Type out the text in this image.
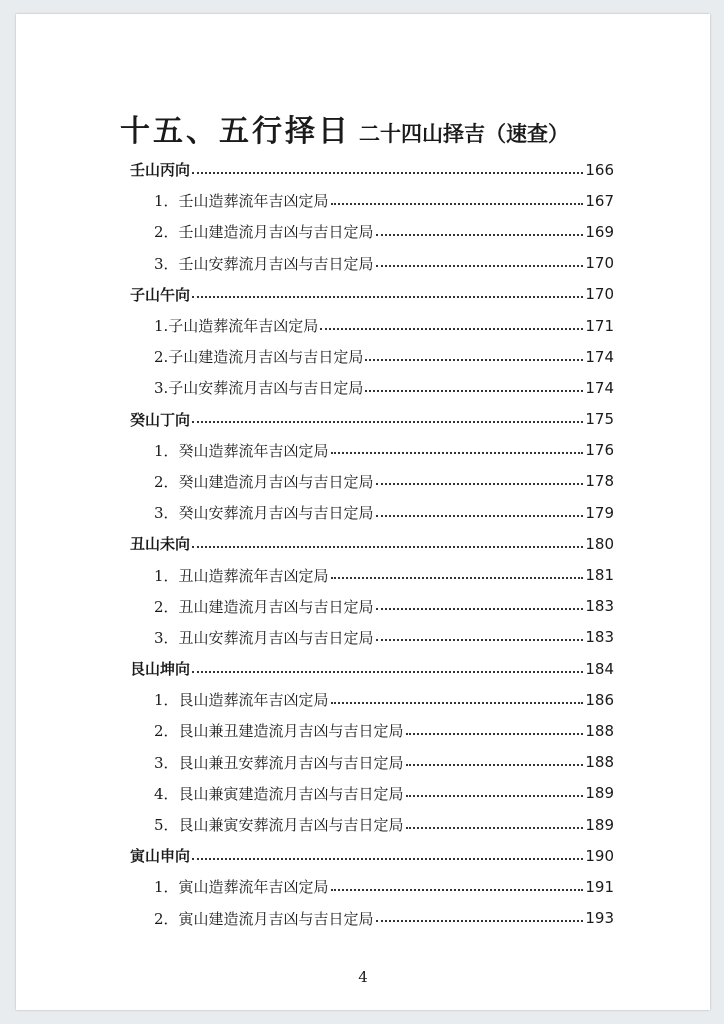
十五、五行择日 二十四山择吉（速查）
壬山丙向	166
1．壬山造葬流年吉凶定局	167
2．壬山建造流月吉凶与吉日定局	169
3．壬山安葬流月吉凶与吉日定局	170
子山午向	170
1.子山造葬流年吉凶定局	171
2.子山建造流月吉凶与吉日定局	174
3.子山安葬流月吉凶与吉日定局	174
癸山丁向	175
1．癸山造葬流年吉凶定局	176
2．癸山建造流月吉凶与吉日定局	178
3．癸山安葬流月吉凶与吉日定局	179
丑山未向	180
1．丑山造葬流年吉凶定局	181
2．丑山建造流月吉凶与吉日定局	183
3．丑山安葬流月吉凶与吉日定局	183
艮山坤向	184
1．艮山造葬流年吉凶定局	186
2．艮山兼丑建造流月吉凶与吉日定局	188
3．艮山兼丑安葬流月吉凶与吉日定局	188
4．艮山兼寅建造流月吉凶与吉日定局	189
5．艮山兼寅安葬流月吉凶与吉日定局	189
寅山申向	190
1．寅山造葬流年吉凶定局	191
2．寅山建造流月吉凶与吉日定局	193
4
